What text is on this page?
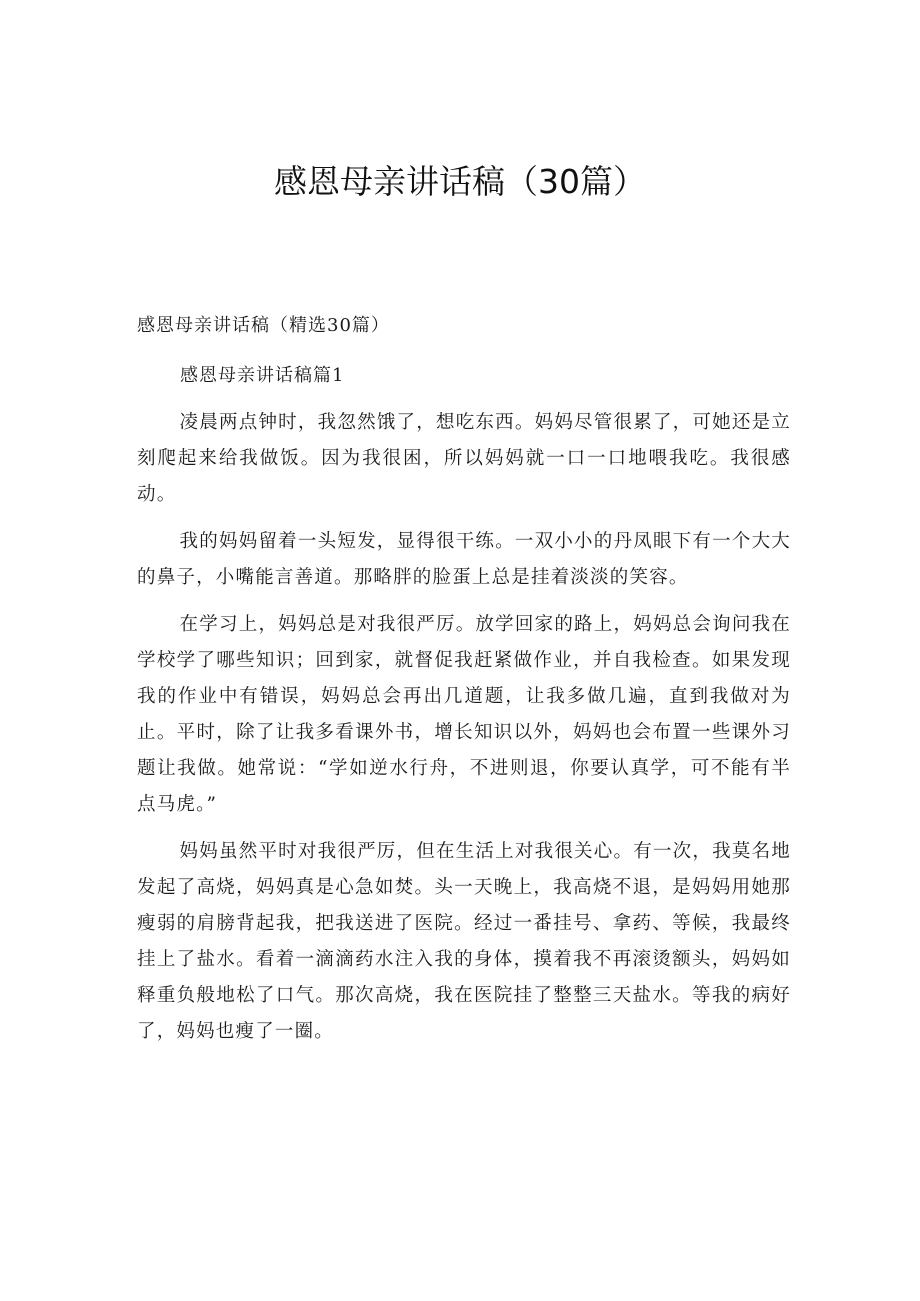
感恩母亲讲话稿（30篇）

感恩母亲讲话稿（精选30篇）

感恩母亲讲话稿篇1

凌晨两点钟时，我忽然饿了，想吃东西。妈妈尽管很累了，可她还是立刻爬起来给我做饭。因为我很困，所以妈妈就一口一口地喂我吃。我很感动。

我的妈妈留着一头短发，显得很干练。一双小小的丹凤眼下有一个大大的鼻子，小嘴能言善道。那略胖的脸蛋上总是挂着淡淡的笑容。

在学习上，妈妈总是对我很严厉。放学回家的路上，妈妈总会询问我在学校学了哪些知识；回到家，就督促我赶紧做作业，并自我检查。如果发现我的作业中有错误，妈妈总会再出几道题，让我多做几遍，直到我做对为止。平时，除了让我多看课外书，增长知识以外，妈妈也会布置一些课外习题让我做。她常说：“学如逆水行舟，不进则退，你要认真学，可不能有半点马虎。”

妈妈虽然平时对我很严厉，但在生活上对我很关心。有一次，我莫名地发起了高烧，妈妈真是心急如焚。头一天晚上，我高烧不退，是妈妈用她那瘦弱的肩膀背起我，把我送进了医院。经过一番挂号、拿药、等候，我最终挂上了盐水。看着一滴滴药水注入我的身体，摸着我不再滚烫额头，妈妈如释重负般地松了口气。那次高烧，我在医院挂了整整三天盐水。等我的病好了，妈妈也瘦了一圈。
